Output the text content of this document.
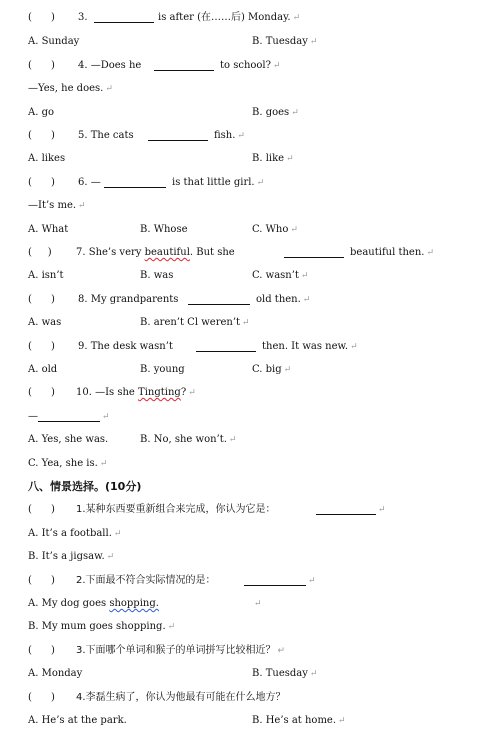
(      ) 3.	is after (在……后) Monday. ↵
A. Sunday	B. Tuesday ↵
(      ) 4. —Does he	to school? ↵
—Yes, he does. ↵
A. go	B. goes ↵
(      ) 5. The cats	fish. ↵
A. likes	B. like ↵
(      ) 6. —	is that little girl. ↵
—It’s me. ↵
A. What	B. Whose	C. Who ↵
(     ) 7. She’s very beautiful. But she	beautiful then. ↵
A. isn’t	B. was	C. wasn’t ↵
(      ) 8. My grandparents	old then. ↵
A. was	B. aren’t Cl weren’t ↵
(      ) 9. The desk wasn’t	then. It was new. ↵
A. old	B. young	C. big ↵
(      ) 10. —Is she Tingting? ↵
—	↵
A. Yes, she was.	B. No, she won’t. ↵
C. Yea, she is. ↵
八、情景选择。(10分)
(      ) 1.某种东西要重新组合来完成，你认为它是：	↵
A. It’s a football. ↵
B. It’s a jigsaw. ↵
(      ) 2.下面最不符合实际情况的是：	↵
A. My dog goes shopping.	↵
B. My mum goes shopping. ↵
(      ) 3.下面哪个单词和猴子的单词拼写比较相近？ ↵
A. Monday	B. Tuesday ↵
(      ) 4.李磊生病了，你认为他最有可能在什么地方？
A. He’s at the park.	B. He’s at home. ↵
